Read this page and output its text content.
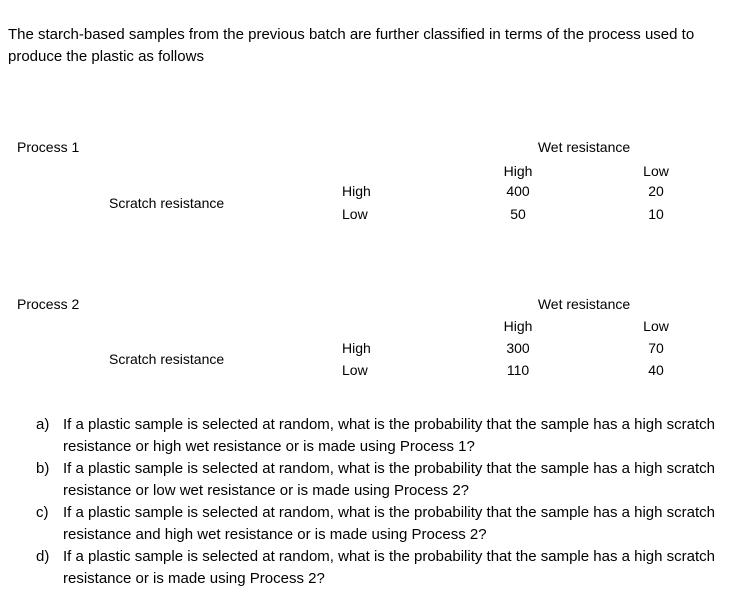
The starch-based samples from the previous batch are further classified in terms of the process used to produce the plastic as follows

Process 1	Wet resistance
High	Low
Scratch resistance
High	400	20
Low	50	10
Process 2	Wet resistance
High	Low
Scratch resistance
High	300	70
Low	110	40
a) If a plastic sample is selected at random, what is the probability that the sample has a high scratch resistance or high wet resistance or is made using Process 1?
b) If a plastic sample is selected at random, what is the probability that the sample has a high scratch resistance or low wet resistance or is made using Process 2?
c) If a plastic sample is selected at random, what is the probability that the sample has a high scratch resistance and high wet resistance or is made using Process 2?
d) If a plastic sample is selected at random, what is the probability that the sample has a high scratch resistance or is made using Process 2?
